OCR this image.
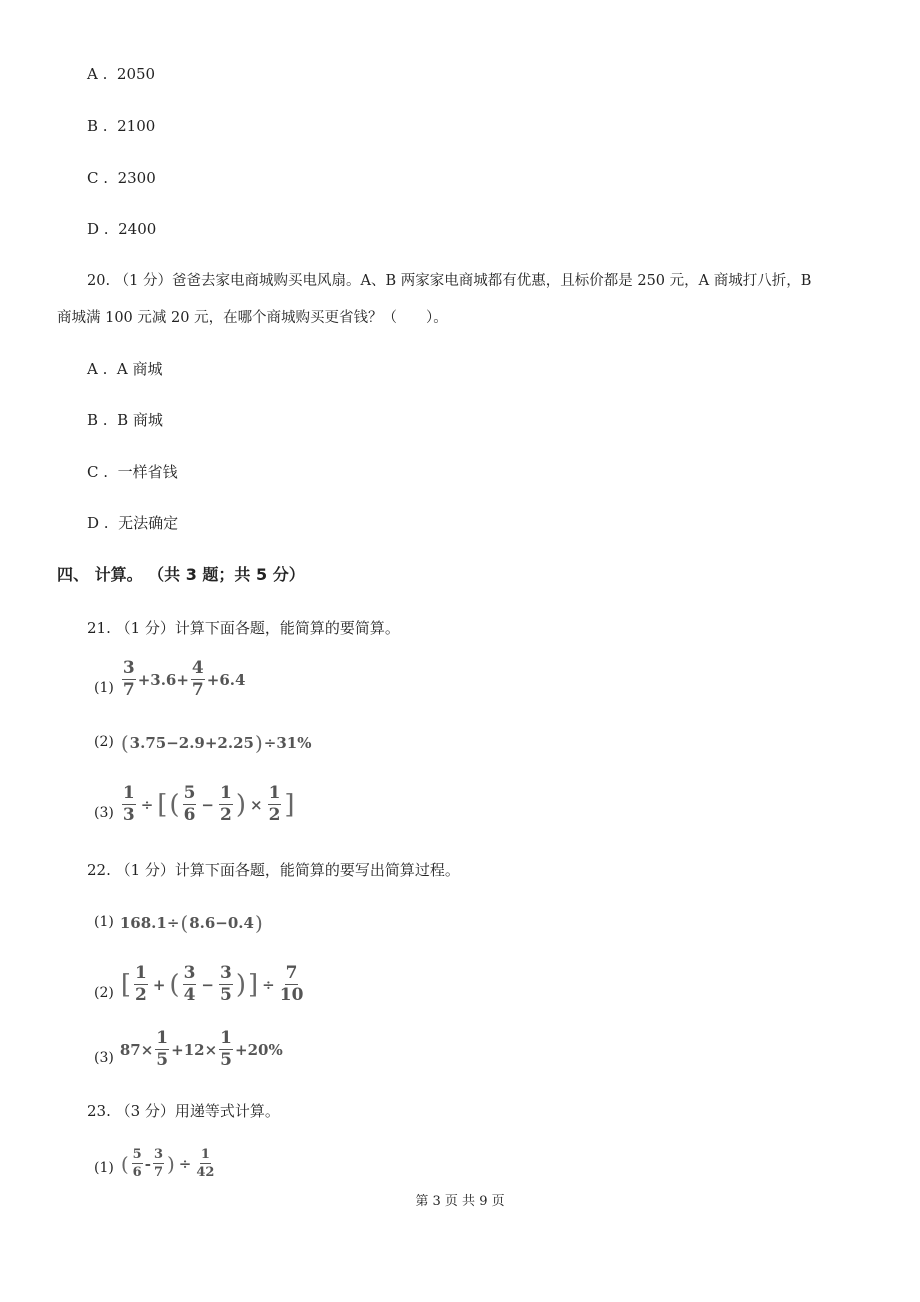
A . 2050
B . 2100
C . 2300
D . 2400
20. （1 分）爸爸去家电商城购买电风扇。A、B 两家家电商城都有优惠，且标价都是 250 元，A 商城打八折，B
商城满 100 元减 20 元，在哪个商城购买更省钱？（　　）。
A . A 商城
B . B 商城
C . 一样省钱
D . 无法确定
四、 计算。 （共 3 题；共 5 分）
21. （1 分）计算下面各题，能简算的要简算。
$(1) \frac{3}{7} +3.6+ \frac{4}{7} +6.4$
(2) ( 3.75−2.9+2.25 ) ÷31%
$(3) \frac{1}{3}$ ÷ [ ( $\frac{5}{6} - \frac{1}{2}$ ) × $\frac{1}{2}$ ]
22. （1 分）计算下面各题，能简算的要写出简算过程。
(1) 168.1÷ ( 8.6−0.4 )
(2) [ $\frac{1}{2}$ + ( $\frac{3}{4} - \frac{3}{5}$ ) ] ÷ $\frac{7}{10}$
(3) $87\times \frac{1}{5} +12\times \frac{1}{5} +20\%$
23. （3 分）用递等式计算。
(1) ( $\frac{5}{6} - \frac{3}{7}$ ) ÷ $\frac{1}{42}$
第 3 页 共 9 页
